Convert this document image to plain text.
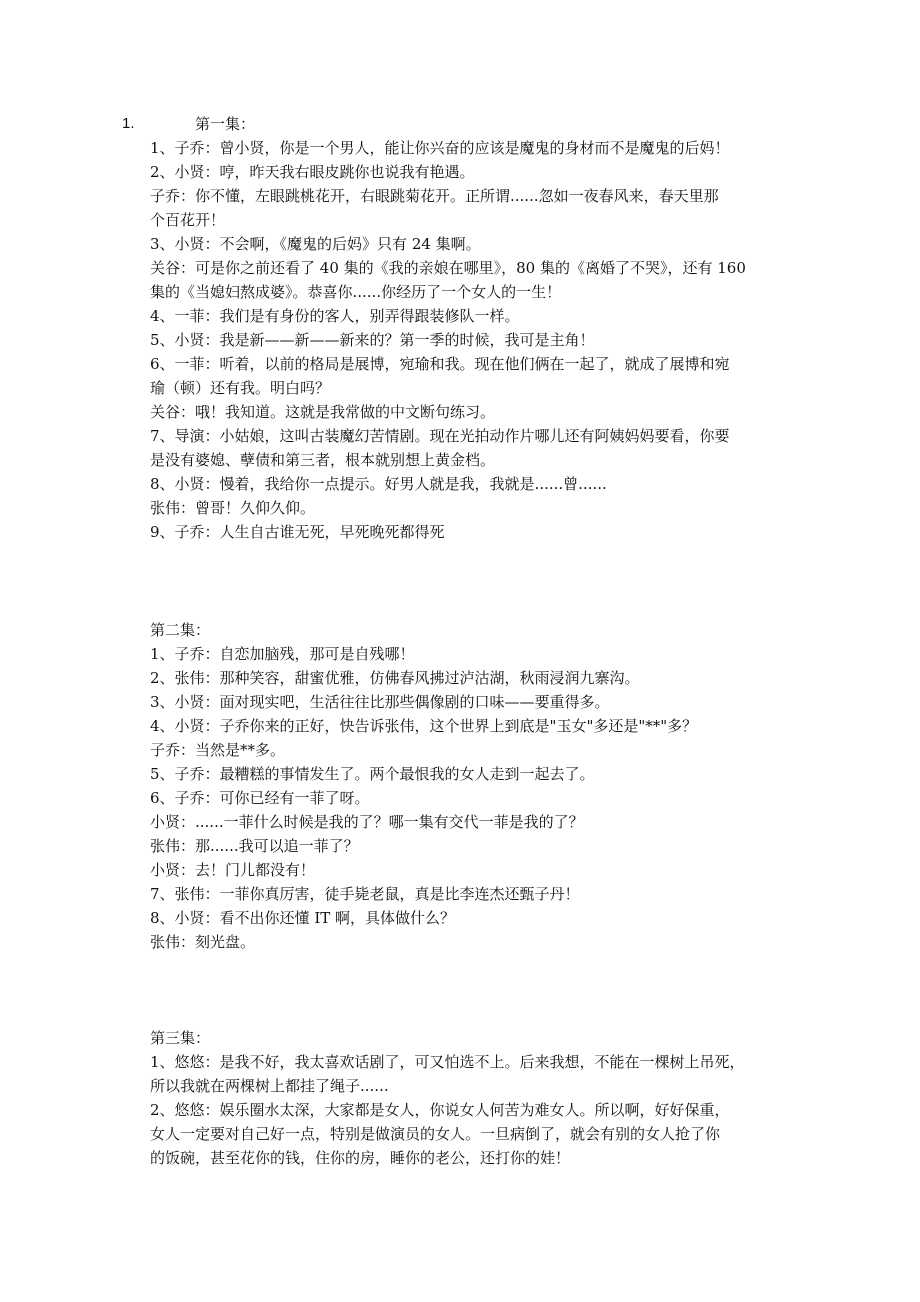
1.	第一集：
1、子乔：曾小贤，你是一个男人，能让你兴奋的应该是魔鬼的身材而不是魔鬼的后妈！
2、小贤：哼，昨天我右眼皮跳你也说我有艳遇。
子乔：你不懂，左眼跳桃花开，右眼跳菊花开。正所谓......忽如一夜春风来，春天里那
个百花开！
3、小贤：不会啊，《魔鬼的后妈》只有 24 集啊。
关谷：可是你之前还看了 40 集的《我的亲娘在哪里》，80 集的《离婚了不哭》，还有 160
集的《当媳妇熬成婆》。恭喜你......你经历了一个女人的一生！
4、一菲：我们是有身份的客人，别弄得跟装修队一样。
5、小贤：我是新——新——新来的？第一季的时候，我可是主角！
6、一菲：听着，以前的格局是展博，宛瑜和我。现在他们俩在一起了，就成了展博和宛
瑜（顿）还有我。明白吗？
关谷：哦！我知道。这就是我常做的中文断句练习。
7、导演：小姑娘，这叫古装魔幻苦情剧。现在光拍动作片哪儿还有阿姨妈妈要看，你要
是没有婆媳、孽债和第三者，根本就别想上黄金档。
8、小贤：慢着，我给你一点提示。好男人就是我，我就是......曾......
张伟：曾哥！久仰久仰。
9、子乔：人生自古谁无死，早死晚死都得死
第二集：
1、子乔：自恋加脑残，那可是自残哪！
2、张伟：那种笑容，甜蜜优雅，仿佛春风拂过泸沽湖，秋雨浸润九寨沟。
3、小贤：面对现实吧，生活往往比那些偶像剧的口味——要重得多。
4、小贤：子乔你来的正好，快告诉张伟，这个世界上到底是"玉女"多还是"**"多？
子乔：当然是**多。
5、子乔：最糟糕的事情发生了。两个最恨我的女人走到一起去了。
6、子乔：可你已经有一菲了呀。
小贤：......一菲什么时候是我的了？哪一集有交代一菲是我的了？
张伟：那......我可以追一菲了？
小贤：去！门儿都没有！
7、张伟：一菲你真厉害，徒手毙老鼠，真是比李连杰还甄子丹！
8、小贤：看不出你还懂 IT 啊，具体做什么？
张伟：刻光盘。
第三集：
1、悠悠：是我不好，我太喜欢话剧了，可又怕选不上。后来我想，不能在一棵树上吊死，
所以我就在两棵树上都挂了绳子......
2、悠悠：娱乐圈水太深，大家都是女人，你说女人何苦为难女人。所以啊，好好保重，
女人一定要对自己好一点，特别是做演员的女人。一旦病倒了，就会有别的女人抢了你
的饭碗，甚至花你的钱，住你的房，睡你的老公，还打你的娃！
